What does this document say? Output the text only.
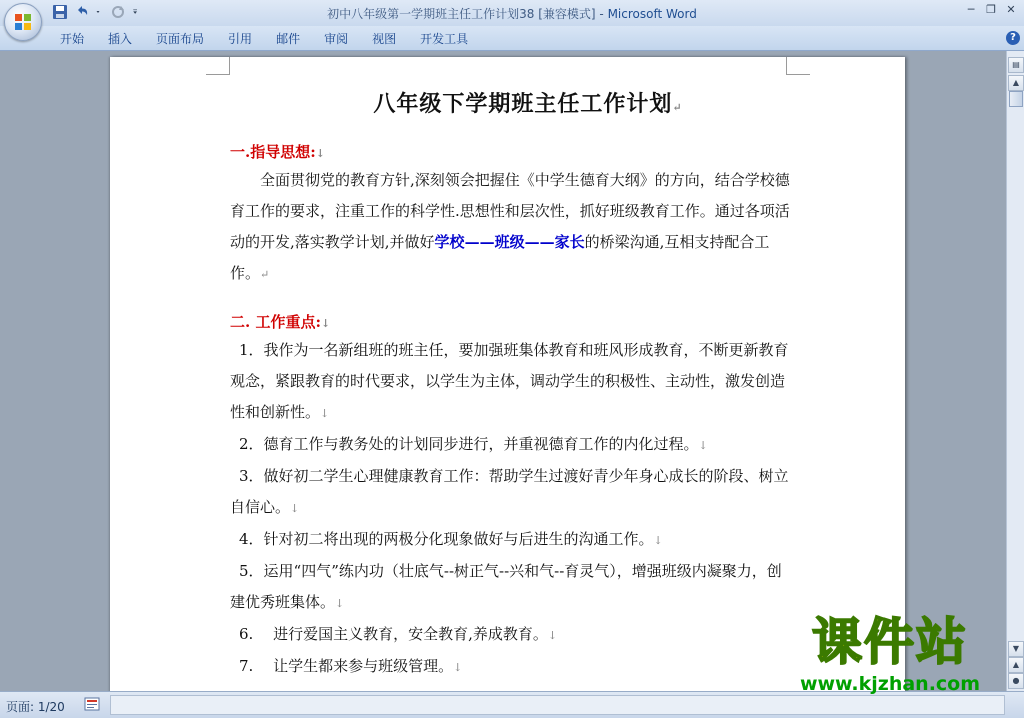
初中八年级第一学期班主任工作计划38 [兼容模式] - Microsoft Word	─	❐ ✕
开始	插入	页面布局	引用	邮件	审阅	视图	开发工具	?
八年级下学期班主任工作计划↵
一.指导思想:↓
全面贯彻党的教育方针,深刻领会把握住《中学生德育大纲》的方向，结合学校德育工作的要求，注重工作的科学性.思想性和层次性，抓好班级教育工作。通过各项活动的开发,落实教学计划,并做好学校——班级——家长的桥梁沟通,互相支持配合工作。↵
二. 工作重点:↓
1．我作为一名新组班的班主任，要加强班集体教育和班风形成教育，不断更新教育观念，紧跟教育的时代要求，以学生为主体，调动学生的积极性、主动性，激发创造性和创新性。↓
2．德育工作与教务处的计划同步进行，并重视德育工作的内化过程。↓
3．做好初二学生心理健康教育工作：帮助学生过渡好青少年身心成长的阶段、树立自信心。↓
4．针对初二将出现的两极分化现象做好与后进生的沟通工作。↓
5．运用“四气”练内功（壮底气--树正气--兴和气--育灵气），增强班级内凝聚力，创建优秀班集体。↓
6.　 进行爱国主义教育，安全教育,养成教育。↓
7.　 让学生都来参与班级管理。↓
▤
▲
▼
▲
●
页面: 1/20
课件站
www.kjzhan.com
